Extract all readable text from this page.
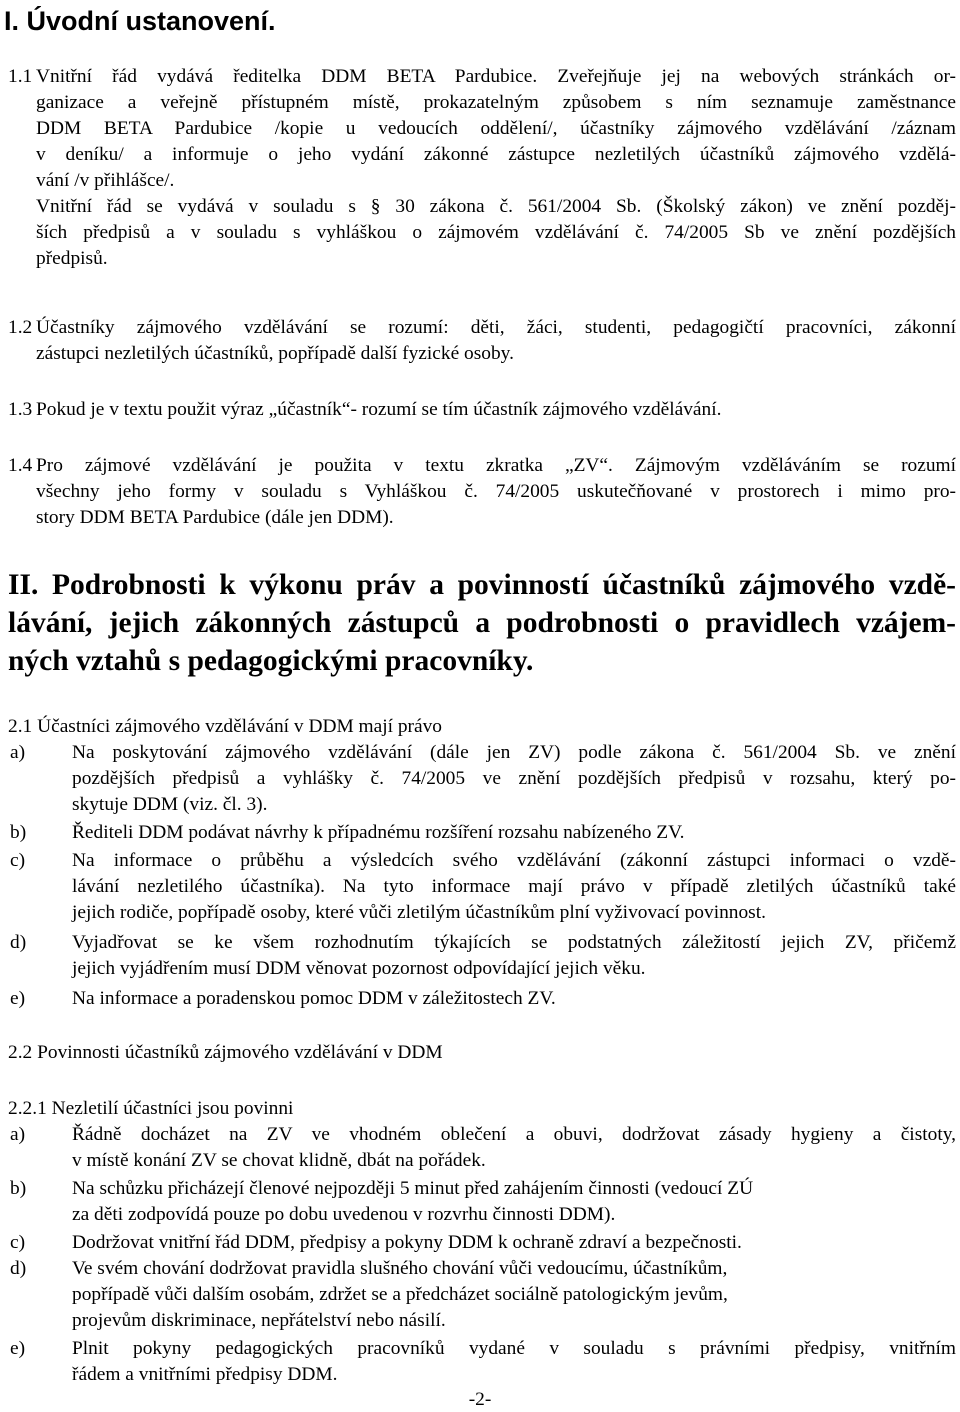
I. Úvodní ustanovení.
1.1 Vnitřní řád vydává ředitelka DDM BETA Pardubice. Zveřejňuje jej na webových stránkách or-
ganizace a veřejně přístupném místě, prokazatelným způsobem s ním seznamuje zaměstnance
DDM BETA Pardubice /kopie u vedoucích oddělení/, účastníky zájmového vzdělávání /záznam
v deníku/ a informuje o jeho vydání zákonné zástupce nezletilých účastníků zájmového vzdělá-
vání /v přihlášce/.
Vnitřní řád se vydává v souladu s § 30 zákona č. 561/2004 Sb. (Školský zákon) ve znění pozděj-
ších předpisů a v souladu s vyhláškou o zájmovém vzdělávání č. 74/2005 Sb ve znění pozdějších
předpisů.
1.2 Účastníky zájmového vzdělávání se rozumí: děti, žáci, studenti, pedagogičtí pracovníci, zákonní
zástupci nezletilých účastníků, popřípadě další fyzické osoby.
1.3 Pokud je v textu použit výraz „účastník“- rozumí se tím účastník zájmového vzdělávání.
1.4 Pro zájmové vzdělávání je použita v textu zkratka „ZV“. Zájmovým vzděláváním se rozumí
všechny jeho formy v souladu s Vyhláškou č. 74/2005 uskutečňované v prostorech i mimo pro-
story DDM BETA Pardubice (dále jen DDM).
II. Podrobnosti k výkonu práv a povinností účastníků zájmového vzdě-
lávání, jejich zákonných zástupců a podrobnosti o pravidlech vzájem-
ných vztahů s pedagogickými pracovníky.
2.1 Účastníci zájmového vzdělávání v DDM mají právo
a) Na poskytování zájmového vzdělávání (dále jen ZV) podle zákona č. 561/2004 Sb. ve znění
pozdějších předpisů a vyhlášky č. 74/2005 ve znění pozdějších předpisů v rozsahu, který po-
skytuje DDM (viz. čl. 3).
b) Řediteli DDM podávat návrhy k případnému rozšíření rozsahu nabízeného ZV.
c) Na informace o průběhu a výsledcích svého vzdělávání (zákonní zástupci informaci o vzdě-
lávání nezletilého účastníka). Na tyto informace mají právo v případě zletilých účastníků také
jejich rodiče, popřípadě osoby, které vůči zletilým účastníkům plní vyživovací povinnost.
d) Vyjadřovat se ke všem rozhodnutím týkajících se podstatných záležitostí jejich ZV, přičemž
jejich vyjádřením musí DDM věnovat pozornost odpovídající jejich věku.
e) Na informace a poradenskou pomoc DDM v záležitostech ZV.
2.2 Povinnosti účastníků zájmového vzdělávání v DDM
2.2.1 Nezletilí účastníci jsou povinni
a) Řádně docházet na ZV ve vhodném oblečení a obuvi, dodržovat zásady hygieny a čistoty,
v místě konání ZV se chovat klidně, dbát na pořádek.
b) Na schůzku přicházejí členové nejpozději 5 minut před zahájením činnosti (vedoucí ZÚ
za děti zodpovídá pouze po dobu uvedenou v rozvrhu činnosti DDM).
c) Dodržovat vnitřní řád DDM, předpisy a pokyny DDM k ochraně zdraví a bezpečnosti.
d) Ve svém chování dodržovat pravidla slušného chování vůči vedoucímu, účastníkům,
popřípadě vůči dalším osobám, zdržet se a předcházet sociálně patologickým jevům,
projevům diskriminace, nepřátelství nebo násilí.
e) Plnit pokyny pedagogických pracovníků vydané v souladu s právními předpisy, vnitřním
řádem a vnitřními předpisy DDM.
-2-
